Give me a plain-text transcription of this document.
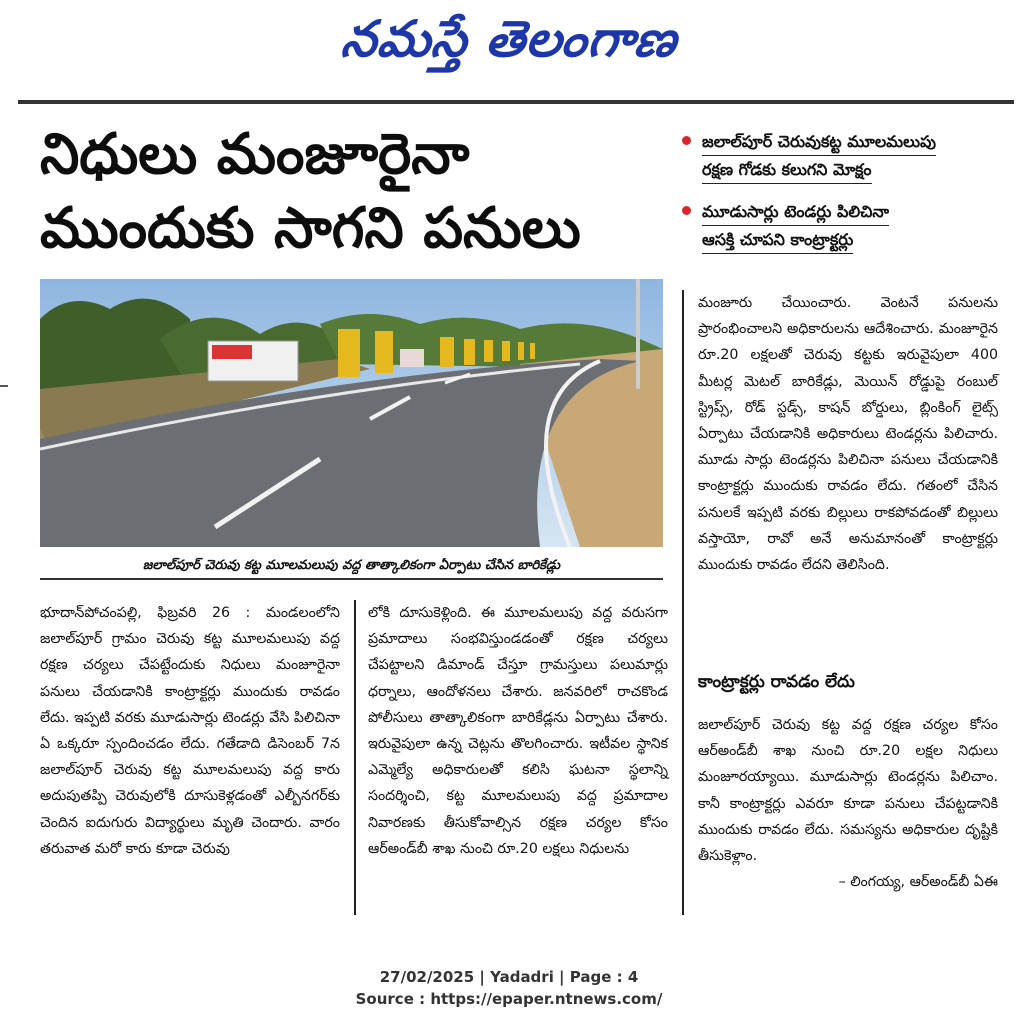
నమస్తే తెలంగాణ
నిధులు మంజూరైనా
ముందుకు సాగని పనులు
జలాల్‌పూర్ చెరువుకట్ట మూలమలుపు
రక్షణ గోడకు కలుగని మోక్షం
మూడుసార్లు టెండర్లు పిలిచినా
ఆసక్తి చూపని కాంట్రాక్టర్లు
జలాల్‌పూర్ చెరువు కట్ట మూలమలుపు వద్ద తాత్కాలికంగా ఏర్పాటు చేసిన బారికేడ్లు

భూదాన్‌పోచంపల్లి, ఫిబ్రవరి 26 : మండలంలోని జలాల్‌పూర్ గ్రామం చెరువు కట్ట మూలమలుపు వద్ద రక్షణ చర్యలు చేపట్టేందుకు నిధులు మంజూరైనా పనులు చేయడానికి కాంట్రాక్టర్లు ముందుకు రావడం లేదు. ఇప్పటి వరకు మూడుసార్లు టెండర్లు వేసి పిలిచినా ఏ ఒక్కరూ స్పందించడం లేదు. గతేడాది డిసెంబర్ 7న జలాల్‌పూర్ చెరువు కట్ట మూలమలుపు వద్ద కారు అదుపుతప్పి చెరువులోకి దూసుకెళ్లడంతో ఎల్బీనగర్‌కు చెందిన ఐదుగురు విద్యార్థులు మృతి చెందారు. వారం తరువాత మరో కారు కూడా చెరువు

లోకి దూసుకెళ్లింది. ఈ మూలమలుపు వద్ద వరుసగా ప్రమాదాలు సంభవిస్తుండడంతో రక్షణ చర్యలు చేపట్టాలని డిమాండ్ చేస్తూ గ్రామస్తులు పలుమార్లు ధర్నాలు, ఆందోళనలు చేశారు. జనవరిలో రాచకొండ పోలీసులు తాత్కాలికంగా బారికేడ్లను ఏర్పాటు చేశారు. ఇరువైపులా ఉన్న చెట్లను తొలగించారు. ఇటీవల స్థానిక ఎమ్మెల్యే అధికారులతో కలిసి ఘటనా స్థలాన్ని సందర్శించి, కట్ట మూలమలుపు వద్ద ప్రమాదాల నివారణకు తీసుకోవాల్సిన రక్షణ చర్యల కోసం ఆర్అండ్‌బీ శాఖ నుంచి రూ.20 లక్షలు నిధులను

మంజూరు చేయించారు. వెంటనే పనులను ప్రారంభించాలని అధికారులను ఆదేశించారు. మంజూరైన రూ.20 లక్షలతో చెరువు కట్టకు ఇరువైపులా 400 మీటర్ల మెటల్ బారికేడ్లు, మెయిన్ రోడ్డుపై రంబుల్ స్ట్రిప్స్, రోడ్ స్టడ్స్, కాషన్ బోర్డులు, బ్లింకింగ్ లైట్స్ ఏర్పాటు చేయడానికి అధికారులు టెండర్లను పిలిచారు. మూడు సార్లు టెండర్లను పిలిచినా పనులు చేయడానికి కాంట్రాక్టర్లు ముందుకు రావడం లేదు. గతంలో చేసిన పనులకే ఇప్పటి వరకు బిల్లులు రాకపోవడంతో బిల్లులు వస్తాయో, రావో అనే అనుమానంతో కాంట్రాక్టర్లు ముందుకు రావడం లేదని తెలిసింది.

కాంట్రాక్టర్లు రావడం లేదు

జలాల్‌పూర్ చెరువు కట్ట వద్ద రక్షణ చర్యల కోసం ఆర్అండ్‌బీ శాఖ నుంచి రూ.20 లక్షల నిధులు మంజూరయ్యాయి. మూడుసార్లు టెండర్లను పిలిచాం. కానీ కాంట్రాక్టర్లు ఎవరూ కూడా పనులు చేపట్టడానికి ముందుకు రావడం లేదు. సమస్యను అధికారుల దృష్టికి తీసుకెళ్లాం.

– లింగయ్య, ఆర్అండ్‌బీ ఏఈ

27/02/2025 | Yadadri | Page : 4
Source : https://epaper.ntnews.com/
